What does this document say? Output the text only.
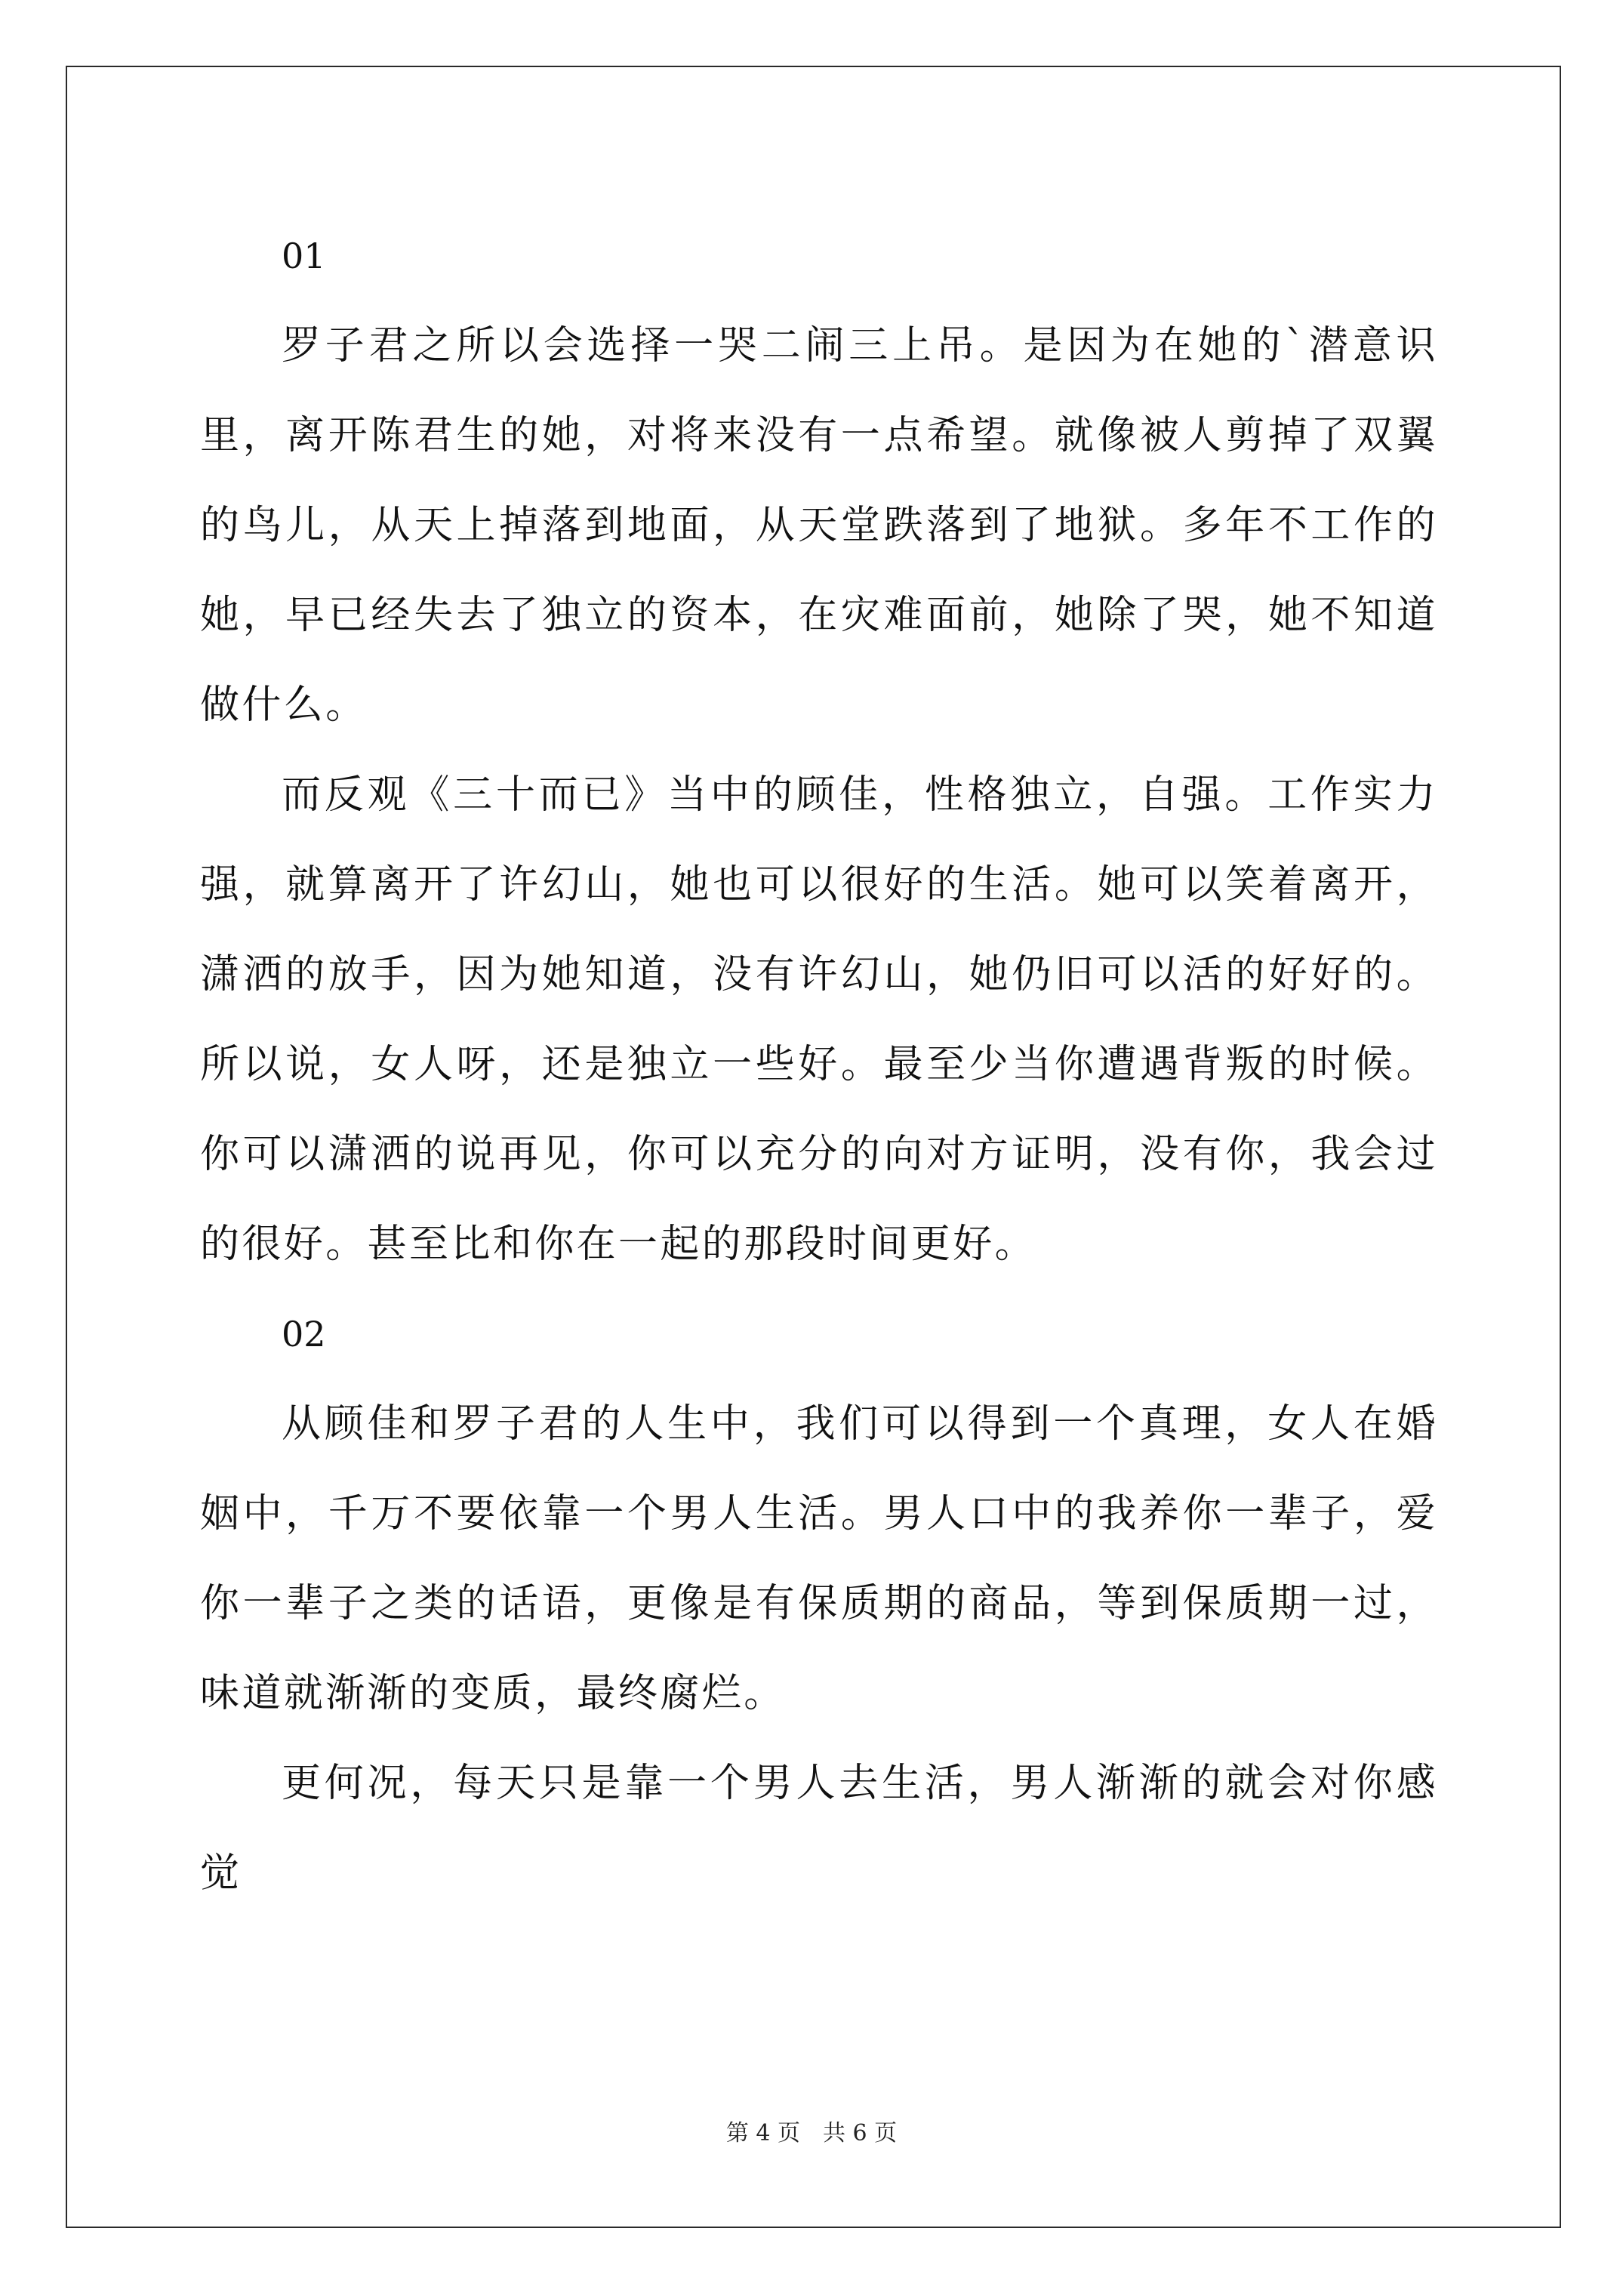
01

罗子君之所以会选择一哭二闹三上吊。是因为在她的`潜意识里，离开陈君生的她，对将来没有一点希望。就像被人剪掉了双翼的鸟儿，从天上掉落到地面，从天堂跌落到了地狱。多年不工作的她，早已经失去了独立的资本，在灾难面前，她除了哭，她不知道做什么。

而反观《三十而已》当中的顾佳，性格独立，自强。工作实力强，就算离开了许幻山，她也可以很好的生活。她可以笑着离开，潇洒的放手，因为她知道，没有许幻山，她仍旧可以活的好好的。所以说，女人呀，还是独立一些好。最至少当你遭遇背叛的时候。你可以潇洒的说再见，你可以充分的向对方证明，没有你，我会过的很好。甚至比和你在一起的那段时间更好。

02

从顾佳和罗子君的人生中，我们可以得到一个真理，女人在婚姻中，千万不要依靠一个男人生活。男人口中的我养你一辈子，爱你一辈子之类的话语，更像是有保质期的商品，等到保质期一过，味道就渐渐的变质，最终腐烂。

更何况，每天只是靠一个男人去生活，男人渐渐的就会对你感觉

第 4 页　共 6 页
